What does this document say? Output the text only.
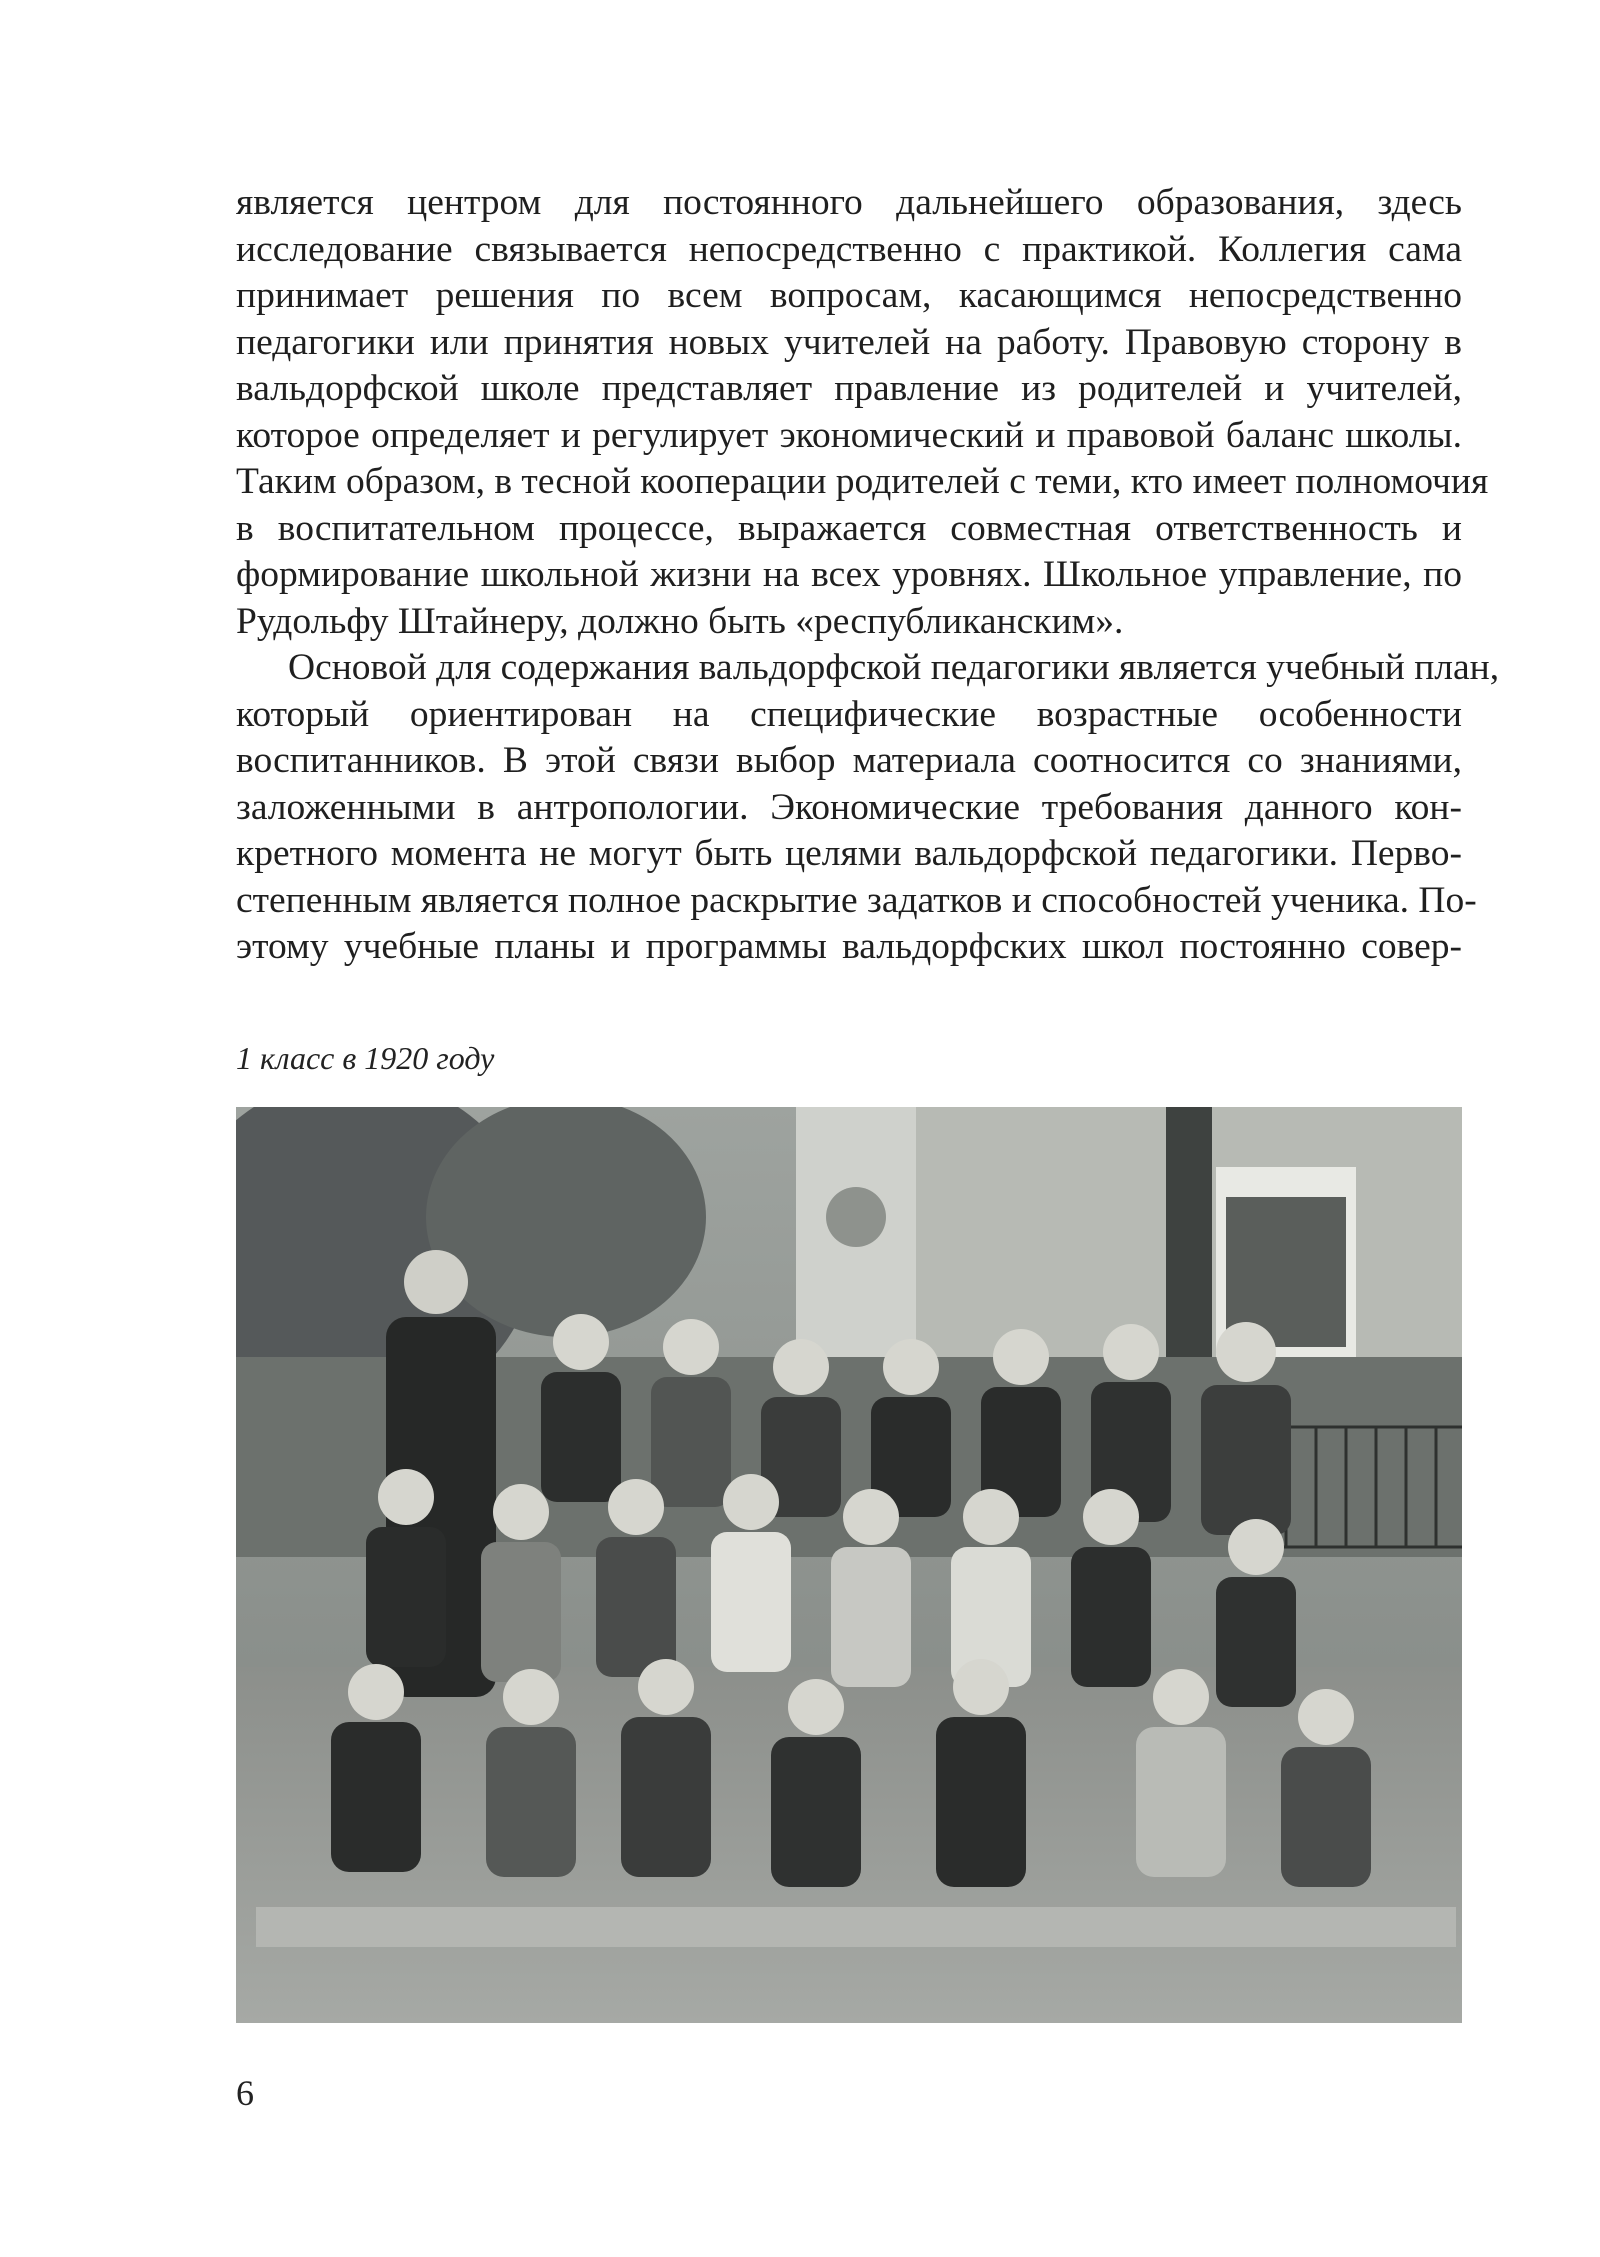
является центром для постоянного дальнейшего образования, здесь
исследование связывается непосредственно с практикой. Коллегия сама
принимает решения по всем вопросам, касающимся непосредственно
педагогики или принятия новых учителей на работу. Правовую сторону в
вальдорфской школе представляет правление из родителей и учителей,
которое определяет и регулирует экономический и правовой баланс школы.
Таким образом, в тесной кооперации родителей с теми, кто имеет полномочия
в воспитательном процессе, выражается совместная ответственность и
формирование школьной жизни на всех уровнях. Школьное управление, по
Рудольфу Штайнеру, должно быть «республиканским».

Основой для содержания вальдорфской педагогики является учебный план,
который ориентирован на специфические возрастные особенности
воспитанников. В этой связи выбор материала соотносится со знаниями,
заложенными в антропологии. Экономические требования данного кон-
кретного момента не могут быть целями вальдорфской педагогики. Перво-
степенным является полное раскрытие задатков и способностей ученика. По-
этому учебные планы и программы вальдорфских школ постоянно совер-

1 класс в 1920 году
6
